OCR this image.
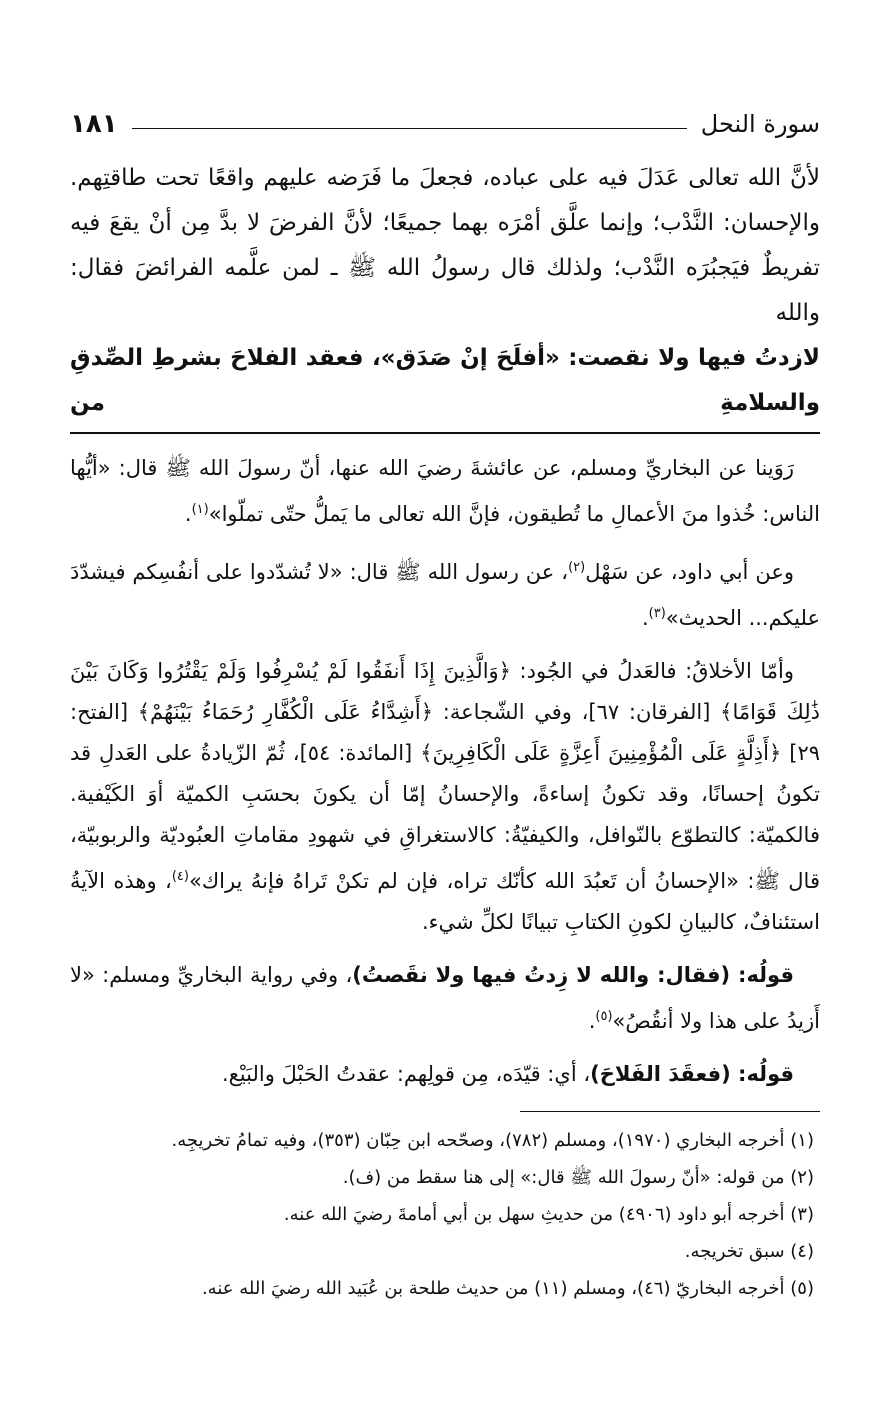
سورة النحل
١٨١
لأنَّ الله تعالى عَدَلَ فيه على عباده، فجعلَ ما فَرَضه عليهم واقعًا تحت طاقتِهم.
والإحسان: النَّدْب؛ وإنما علَّق أمْرَه بهما جميعًا؛ لأنَّ الفرضَ لا بدَّ مِن أنْ يقعَ فيه
تفريطٌ فيَجبُرَه النَّدْب؛ ولذلك قال رسولُ الله ﷺ ـ لمن علَّمه الفرائضَ فقال: والله
لازدتُ فيها ولا نقصت: «أفلَحَ إنْ صَدَق»، فعقد الفلاحَ بشرطِ الصِّدقِ والسلامةِ من

رَوَينا عن البخاريِّ ومسلم، عن عائشةَ رضيَ الله عنها، أنّ رسولَ الله ﷺ قال: «أيُّها الناس: خُذوا منَ الأعمالِ ما تُطيقون، فإنَّ الله تعالى ما يَملُّ حتّى تملّوا»$^{(١)}$.

وعن أبي داود، عن سَهْل$^{(٢)}$، عن رسول الله ﷺ قال: «لا تُشدّدوا على أنفُسِكم فيشدّدَ عليكم... الحديث»$^{(٣)}$.

وأمّا الأخلاقُ: فالعَدلُ في الجُود: ﴿وَالَّذِينَ إِذَا أَنفَقُوا لَمْ يُسْرِفُوا وَلَمْ يَقْتُرُوا وَكَانَ بَيْنَ ذَٰلِكَ قَوَامًا﴾ [الفرقان: ٦٧]، وفي الشّجاعة: ﴿أَشِدَّاءُ عَلَى الْكُفَّارِ رُحَمَاءُ بَيْنَهُمْ﴾ [الفتح: ٢٩] ﴿أَذِلَّةٍ عَلَى الْمُؤْمِنِينَ أَعِزَّةٍ عَلَى الْكَافِرِينَ﴾ [المائدة: ٥٤]، ثُمّ الزّيادةُ على العَدلِ قد تكونُ إحسانًا، وقد تكونُ إساءةً، والإحسانُ إمّا أن يكونَ بحسَبِ الكميّة أوَ الكَيْفية. فالكميّة: كالتطوّع بالنّوافل، والكيفيّةُ: كالاستغراقِ في شهودِ مقاماتِ العبُوديّة والربوبيّة، قال ﷺ: «الإحسانُ أن تَعبُدَ الله كأنّك تراه، فإن لم تكنْ تَراهُ فإنهُ يراك»$^{(٤)}$، وهذه الآيةُ استئنافٌ، كالبيانِ لكونِ الكتابِ تبيانًا لكلِّ شيء.

قولُه: (فقال: والله لا زِدتُ فيها ولا نقَصتُ)، وفي رواية البخاريِّ ومسلم: «لا أَزيدُ على هذا ولا أنقُصُ»$^{(٥)}$.

قولُه: (فعقَدَ الفَلاحَ)، أي: قيّدَه، مِن قولِهم: عقدتُ الحَبْلَ والبَيْع.

(١) أخرجه البخاري (١٩٧٠)، ومسلم (٧٨٢)، وصحّحه ابن حِبّان (٣٥٣)، وفيه تمامُ تخريجِه.
(٢) من قوله: «أنّ رسولَ الله ﷺ قال:» إلى هنا سقط من (ف).
(٣) أخرجه أبو داود (٤٩٠٦) من حديثِ سهل بن أبي أمامةَ رضيَ الله عنه.
(٤) سبق تخريجه.
(٥) أخرجه البخاريّ (٤٦)، ومسلم (١١) من حديث طلحة بن عُبَيد الله رضيَ الله عنه.
